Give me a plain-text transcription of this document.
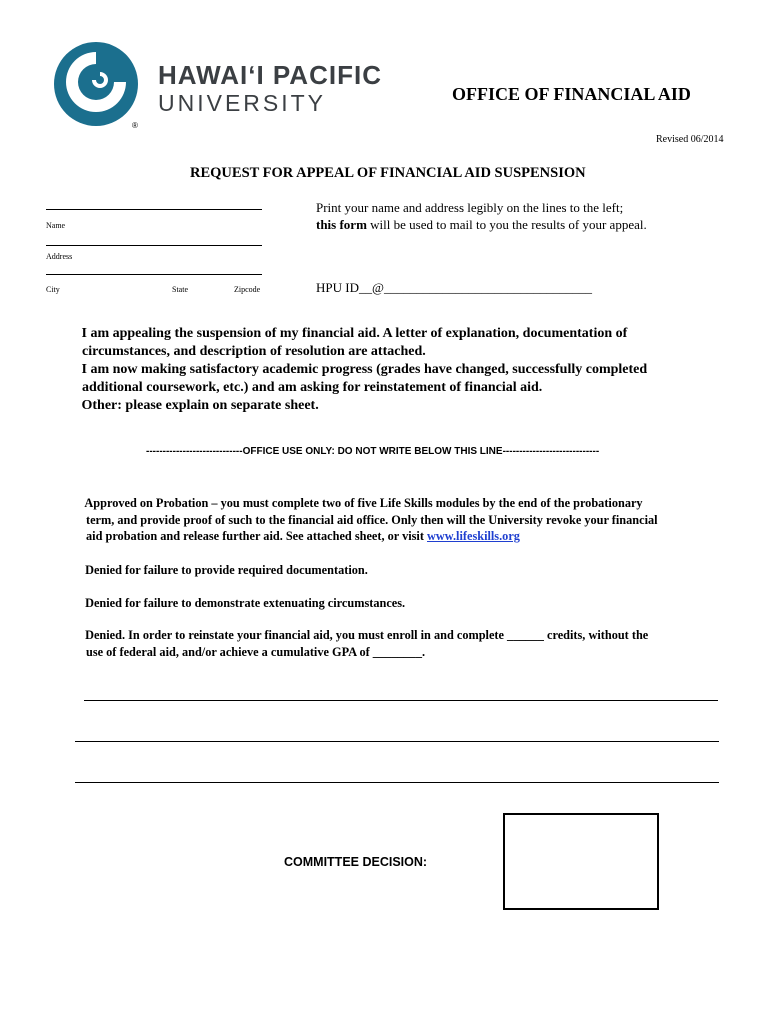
HAWAIʻI PACIFIC
UNIVERSITY
®
OFFICE OF FINANCIAL AID
Revised 06/2014
REQUEST FOR APPEAL OF FINANCIAL AID SUSPENSION
Name
Address
City	State	Zipcode
Print your name and address legibly on the lines to the left;
this form will be used to mail to you the results of your appeal.
HPU ID__@________________________________
I am appealing the suspension of my financial aid. A letter of explanation, documentation of
circumstances, and description of resolution are attached.
I am now making satisfactory academic progress (grades have changed, successfully completed
additional coursework, etc.) and am asking for reinstatement of financial aid.
Other: please explain on separate sheet.
-----------------------------OFFICE USE ONLY: DO NOT WRITE BELOW THIS LINE-----------------------------
Approved on Probation – you must complete two of five Life Skills modules by the end of the probationary
term, and provide proof of such to the financial aid office. Only then will the University revoke your financial
aid probation and release further aid. See attached sheet, or visit www.lifeskills.org
Denied for failure to provide required documentation.
Denied for failure to demonstrate extenuating circumstances.
Denied. In order to reinstate your financial aid, you must enroll in and complete ______ credits, without the
use of federal aid, and/or achieve a cumulative GPA of ________.
COMMITTEE DECISION:
